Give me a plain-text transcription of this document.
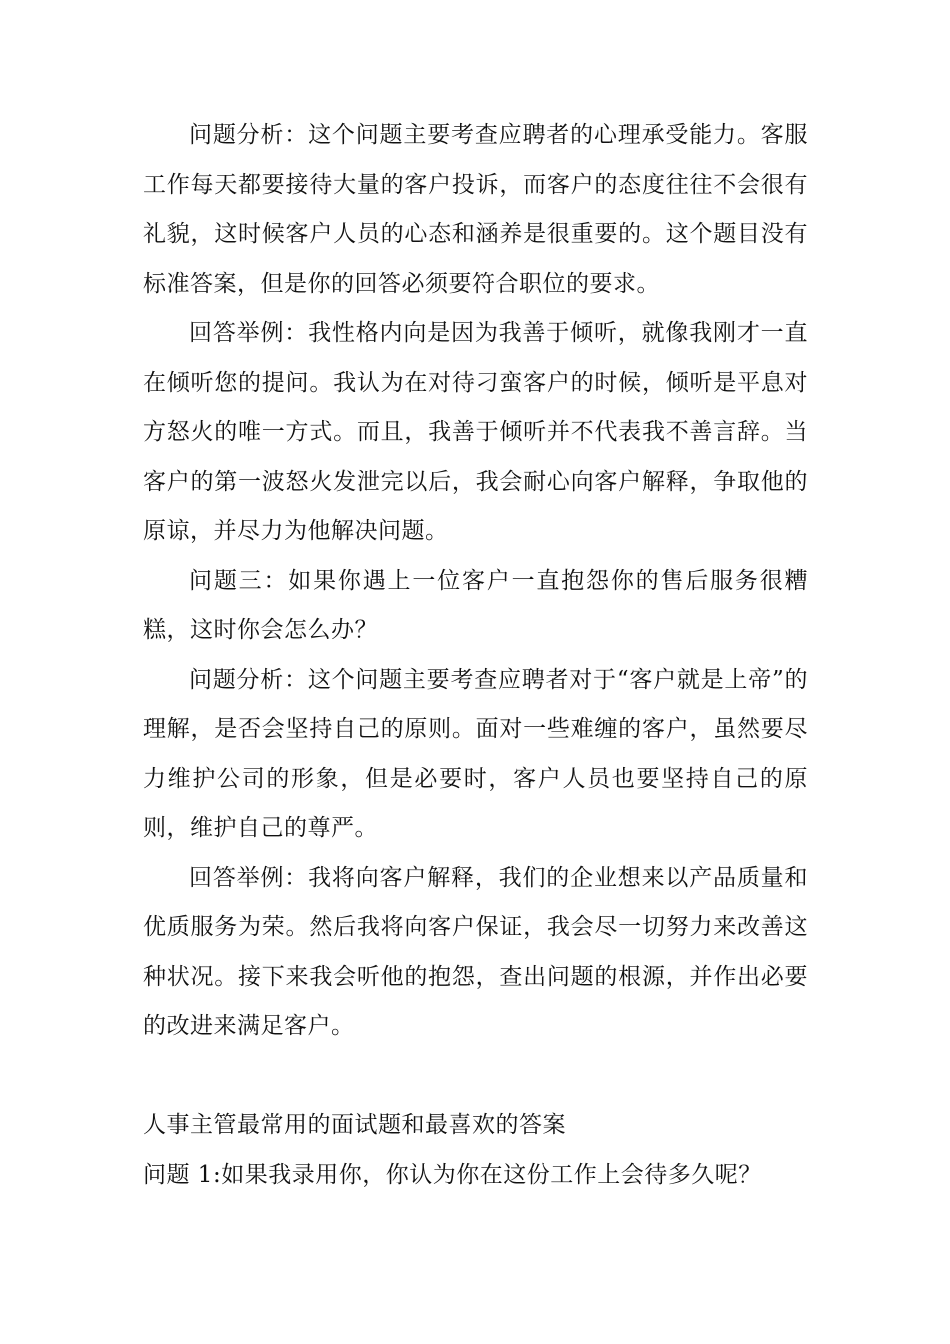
问题分析：这个问题主要考查应聘者的心理承受能力。客服工作每天都要接待大量的客户投诉，而客户的态度往往不会很有礼貌，这时候客户人员的心态和涵养是很重要的。这个题目没有标准答案，但是你的回答必须要符合职位的要求。

回答举例：我性格内向是因为我善于倾听，就像我刚才一直在倾听您的提问。我认为在对待刁蛮客户的时候，倾听是平息对方怒火的唯一方式。而且，我善于倾听并不代表我不善言辞。当客户的第一波怒火发泄完以后，我会耐心向客户解释，争取他的原谅，并尽力为他解决问题。

问题三：如果你遇上一位客户一直抱怨你的售后服务很糟糕，这时你会怎么办？

问题分析：这个问题主要考查应聘者对于“客户就是上帝”的理解，是否会坚持自己的原则。面对一些难缠的客户，虽然要尽力维护公司的形象，但是必要时，客户人员也要坚持自己的原则，维护自己的尊严。

回答举例：我将向客户解释，我们的企业想来以产品质量和优质服务为荣。然后我将向客户保证，我会尽一切努力来改善这种状况。接下来我会听他的抱怨，查出问题的根源，并作出必要的改进来满足客户。

人事主管最常用的面试题和最喜欢的答案

问题 1:如果我录用你，你认为你在这份工作上会待多久呢？
